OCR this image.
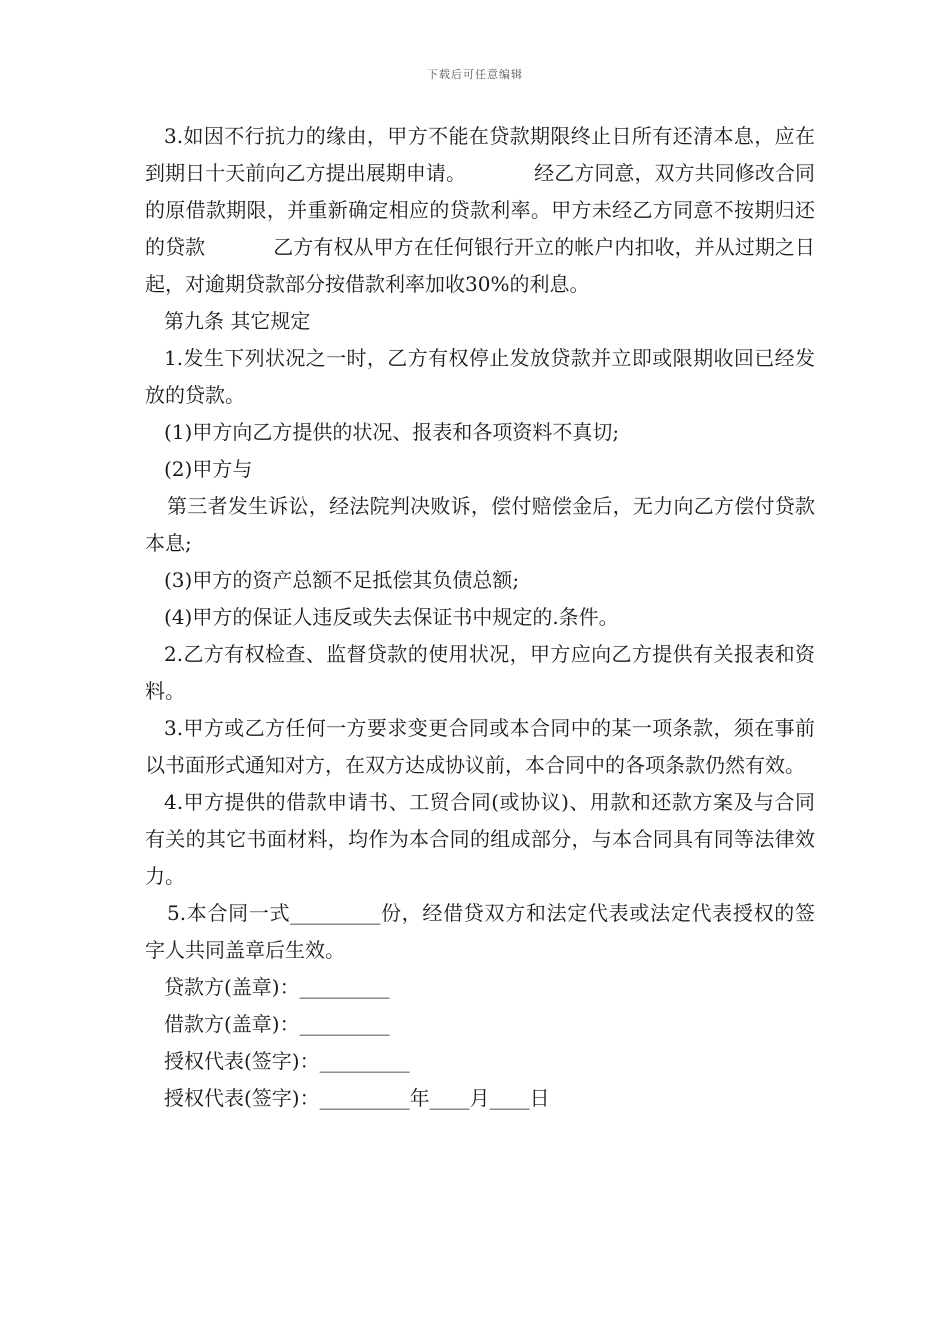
下载后可任意编辑

3.如因不行抗力的缘由，甲方不能在贷款期限终止日所有还清本息，应在到期日十天前向乙方提出展期申请。	经乙方同意，双方共同修改合同的原借款期限，并重新确定相应的贷款利率。甲方未经乙方同意不按期归还的贷款	乙方有权从甲方在任何银行开立的帐户内扣收，并从过期之日起，对逾期贷款部分按借款利率加收30%的利息。

第九条 其它规定

1.发生下列状况之一时，乙方有权停止发放贷款并立即或限期收回已经发放的贷款。

(1)甲方向乙方提供的状况、报表和各项资料不真切;

(2)甲方与

第三者发生诉讼，经法院判决败诉，偿付赔偿金后，无力向乙方偿付贷款本息;

(3)甲方的资产总额不足抵偿其负债总额;

(4)甲方的保证人违反或失去保证书中规定的.条件。

2.乙方有权检查、监督贷款的使用状况，甲方应向乙方提供有关报表和资料。

3.甲方或乙方任何一方要求变更合同或本合同中的某一项条款，须在事前以书面形式通知对方，在双方达成协议前，本合同中的各项条款仍然有效。

4.甲方提供的借款申请书、工贸合同(或协议)、用款和还款方案及与合同有关的其它书面材料，均作为本合同的组成部分，与本合同具有同等法律效力。

5.本合同一式_________份，经借贷双方和法定代表或法定代表授权的签字人共同盖章后生效。

贷款方(盖章)：_________

借款方(盖章)：_________

授权代表(签字)：_________

授权代表(签字)：_________年____月____日
